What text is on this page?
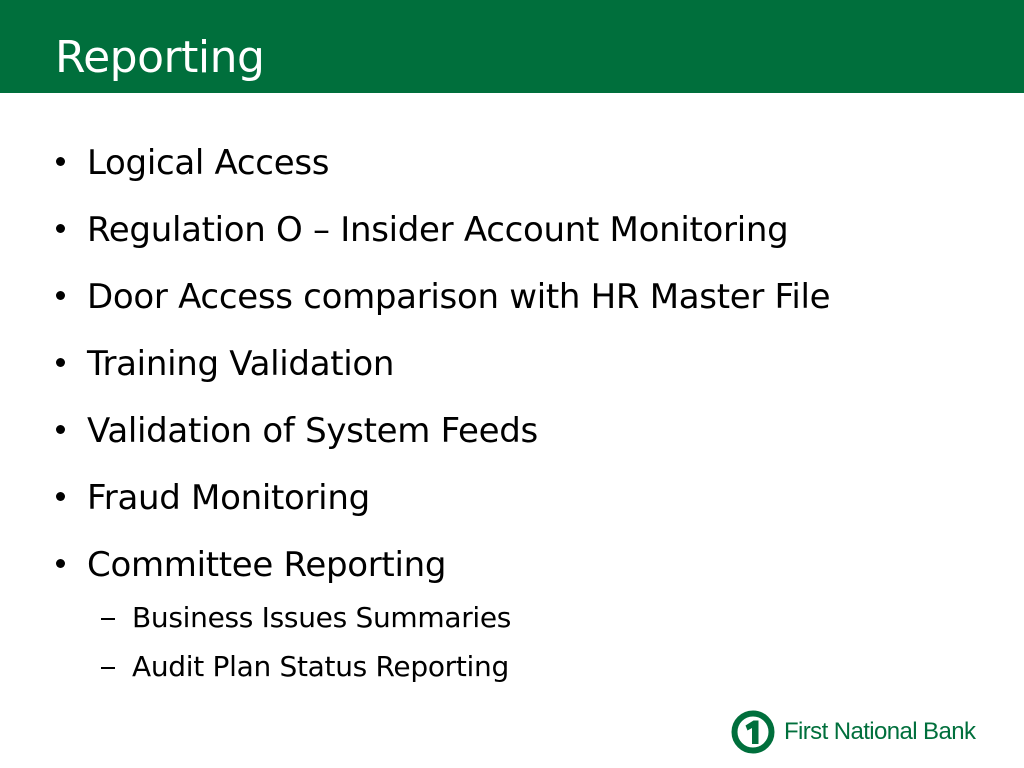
Reporting
Logical Access
Regulation O – Insider Account Monitoring
Door Access comparison with HR Master File
Training Validation
Validation of System Feeds
Fraud Monitoring
Committee Reporting
Business Issues Summaries
Audit Plan Status Reporting
First National Bank
